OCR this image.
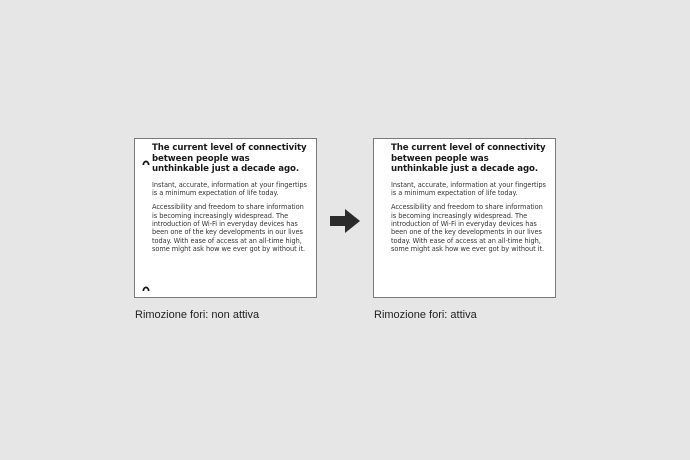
The current level of connectivity between people was unthinkable just a decade ago.

Instant, accurate, information at your fingertips is a minimum expectation of life today.

Accessibility and freedom to share information is becoming increasingly widespread. The introduction of Wi-Fi in everyday devices has been one of the key developments in our lives today. With ease of access at an all-time high, some might ask how we ever got by without it.

The current level of connectivity between people was unthinkable just a decade ago.

Instant, accurate, information at your fingertips is a minimum expectation of life today.

Accessibility and freedom to share information is becoming increasingly widespread. The introduction of Wi-Fi in everyday devices has been one of the key developments in our lives today. With ease of access at an all-time high, some might ask how we ever got by without it.

Rimozione fori: non attiva	Rimozione fori: attiva
